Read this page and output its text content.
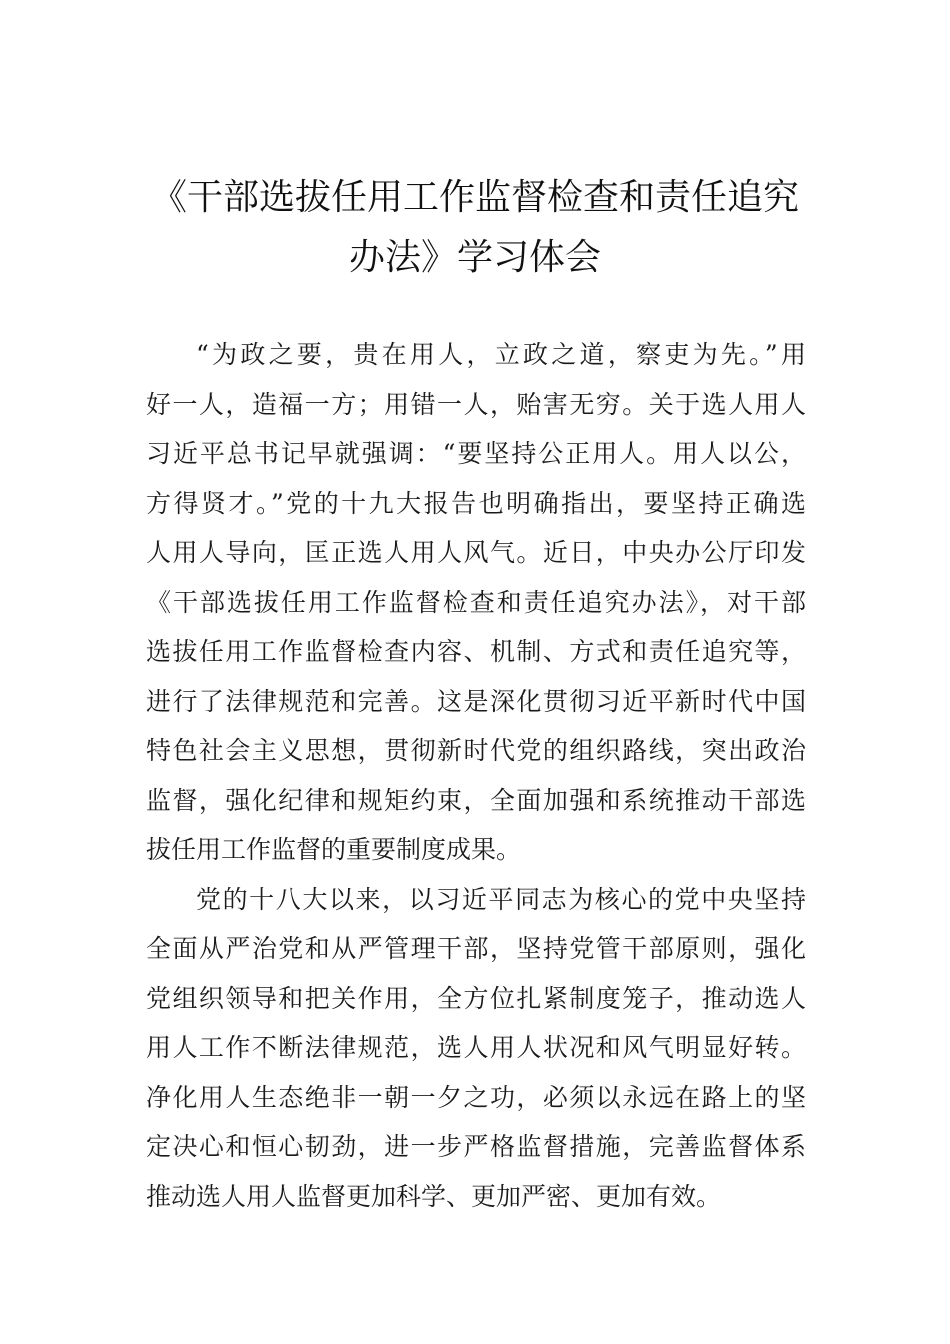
《干部选拔任用工作监督检查和责任追究
办法》学习体会
“为政之要，贵在用人，立政之道，察吏为先。”用
好一人，造福一方；用错一人，贻害无穷。关于选人用人
习近平总书记早就强调：“要坚持公正用人。用人以公，
方得贤才。”党的十九大报告也明确指出，要坚持正确选
人用人导向，匡正选人用人风气。近日，中央办公厅印发
《干部选拔任用工作监督检查和责任追究办法》，对干部
选拔任用工作监督检查内容、机制、方式和责任追究等，
进行了法律规范和完善。这是深化贯彻习近平新时代中国
特色社会主义思想，贯彻新时代党的组织路线，突出政治
监督，强化纪律和规矩约束，全面加强和系统推动干部选
拔任用工作监督的重要制度成果。
党的十八大以来，以习近平同志为核心的党中央坚持
全面从严治党和从严管理干部，坚持党管干部原则，强化
党组织领导和把关作用，全方位扎紧制度笼子，推动选人
用人工作不断法律规范，选人用人状况和风气明显好转。
净化用人生态绝非一朝一夕之功，必须以永远在路上的坚
定决心和恒心韧劲，进一步严格监督措施，完善监督体系
推动选人用人监督更加科学、更加严密、更加有效。
